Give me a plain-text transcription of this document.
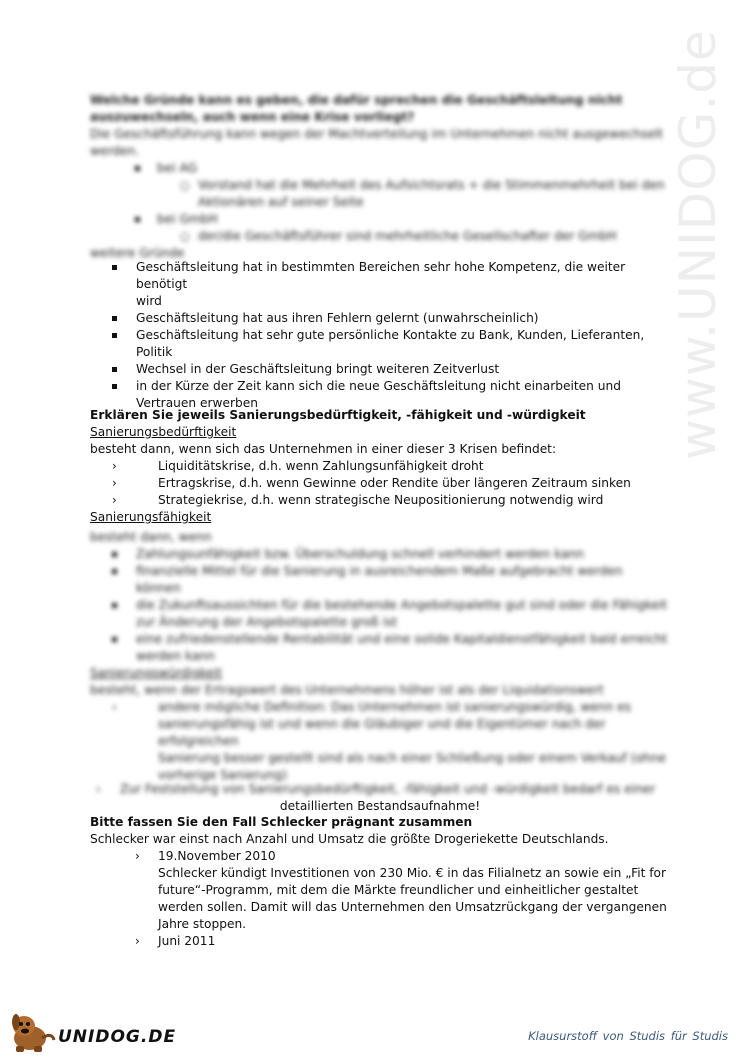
www.UNIDOG.de
Welche Gründe kann es geben, die dafür sprechen die Geschäftsleitung nicht
auszuwechseln, auch wenn eine Krise vorliegt?
Die Geschäftsführung kann wegen der Machtverteilung im Unternehmen nicht ausgewechselt
werden.
bei AG
○ Vorstand hat die Mehrheit des Aufsichtsrats + die Stimmenmehrheit bei den
Aktionären auf seiner Seite
bei GmbH
○ der/die Geschäftsführer sind mehrheitliche Gesellschafter der GmbH
weitere Gründe
Geschäftsleitung hat in bestimmten Bereichen sehr hohe Kompetenz, die weiter benötigt
wird
Geschäftsleitung hat aus ihren Fehlern gelernt (unwahrscheinlich)
Geschäftsleitung hat sehr gute persönliche Kontakte zu Bank, Kunden, Lieferanten,
Politik
Wechsel in der Geschäftsleitung bringt weiteren Zeitverlust
in der Kürze der Zeit kann sich die neue Geschäftsleitung nicht einarbeiten und
Vertrauen erwerben
Erklären Sie jeweils Sanierungsbedürftigkeit, -fähigkeit und -würdigkeit
Sanierungsbedürftigkeit
besteht dann, wenn sich das Unternehmen in einer dieser 3 Krisen befindet:
›	Liquiditätskrise, d.h. wenn Zahlungsunfähigkeit droht
›	Ertragskrise, d.h. wenn Gewinne oder Rendite über längeren Zeitraum sinken
›	Strategiekrise, d.h. wenn strategische Neupositionierung notwendig wird
Sanierungsfähigkeit
besteht dann, wenn
Zahlungsunfähigkeit bzw. Überschuldung schnell verhindert werden kann
finanzielle Mittel für die Sanierung in ausreichendem Maße aufgebracht werden
können
die Zukunftsaussichten für die bestehende Angebotspalette gut sind oder die Fähigkeit
zur Änderung der Angebotspalette groß ist
eine zufriedenstellende Rentabilität und eine solide Kapitaldienstfähigkeit bald erreicht
werden kann
Sanierungswürdigkeit
besteht, wenn der Ertragswert des Unternehmens höher ist als der Liquidationswert
›	andere mögliche Definition: Das Unternehmen ist sanierungswürdig, wenn es
sanierungsfähig ist und wenn die Gläubiger und die Eigentümer nach der erfolgreichen
Sanierung besser gestellt sind als nach einer Schließung oder einem Verkauf (ohne
vorherige Sanierung)
› Zur Feststellung von Sanierungsbedürftigkeit, -fähigkeit und -würdigkeit bedarf es einer
detaillierten Bestandsaufnahme!
Bitte fassen Sie den Fall Schlecker prägnant zusammen
Schlecker war einst nach Anzahl und Umsatz die größte Drogeriekette Deutschlands.
› 19.November 2010
Schlecker kündigt Investitionen von 230 Mio. € in das Filialnetz an sowie ein „Fit for
future“-Programm, mit dem die Märkte freundlicher und einheitlicher gestaltet
werden sollen. Damit will das Unternehmen den Umsatzrückgang der vergangenen
Jahre stoppen.
› Juni 2011
UNIDOG.DE	Klausurstoff von Studis für Studis
